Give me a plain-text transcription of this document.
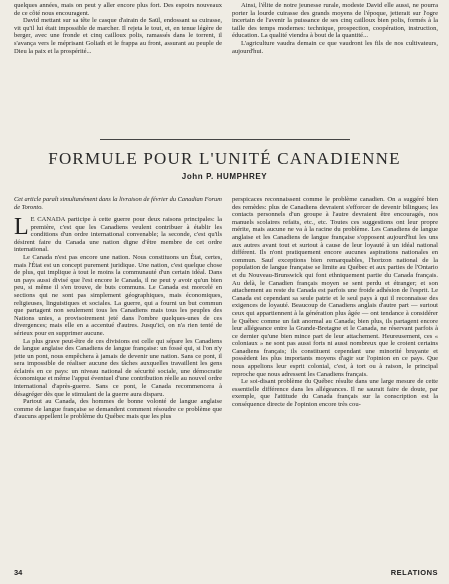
quelques années, mais on peut y aller encore plus fort. Des espoirs nouveaux de ce côté nous encouragent.

David mettant sur sa tête le casque d'airain de Saül, endossant sa cuirasse, vit qu'il lui était impossible de marcher. Il rejeta le tout, et, en tenue légère de berger, avec une fronde et cinq cailloux polis, ramassés dans le torrent, il s'avança vers le méprisant Goliath et le frappa au front, assurant au peuple de Dieu la paix et la prospérité...

Ainsi, l'élite de notre jeunesse rurale, modeste David elle aussi, ne pourra porter la lourde cuirasse des grands moyens de l'époque, jetterait sur l'ogre incertain de l'avenir la puissance de ses cinq cailloux bien polis, formés à la taille des temps modernes: technique, prospection, coopération, instruction, éducation. La qualité viendra à bout de la quantité...

L'agriculture vaudra demain ce que vaudront les fils de nos cultivateurs, aujourd'hui.

FORMULE POUR L'UNITÉ CANADIENNE
John P. HUMPHREY
Cet article paraît simultanément dans la livraison de février du Canadian Forum de Toronto.

L E CANADA participe à cette guerre pour deux raisons principales: la première, c'est que les Canadiens veulent contribuer à établir les conditions d'un ordre international convenable; la seconde, c'est qu'ils désirent faire du Canada une nation digne d'être membre de cet ordre international.

Le Canada n'est pas encore une nation. Nous constituons un État, certes, mais l'État est un concept purement juridique. Une nation, c'est quelque chose de plus, qui implique à tout le moins la communauté d'un certain idéal. Dans un pays aussi divisé que l'est encore le Canada, il ne peut y avoir qu'un bien peu, si même il s'en trouve, de buts communs. Le Canada est morcelé en sections qui ne sont pas simplement géographiques, mais économiques, religieuses, linguistiques et sociales. La guerre, qui a fourni un but commun que partagent non seulement tous les Canadiens mais tous les peuples des Nations unies, a provisoirement jeté dans l'ombre quelques-unes de ces divergences; mais elle en a accentué d'autres. Jusqu'ici, on n'a rien tenté de sérieux pour en supprimer aucune.

La plus grave peut-être de ces divisions est celle qui sépare les Canadiens de langue anglaise des Canadiens de langue française: un fossé qui, si l'on n'y jette un pont, nous empêchera à jamais de devenir une nation. Sans ce pont, il sera impossible de réaliser aucune des tâches auxquelles travaillent les gens éclairés en ce pays: un niveau national de sécurité sociale, une démocratie économique et même l'appui éventuel d'une contribution réelle au nouvel ordre international d'après-guerre. Sans ce pont, le Canada recommencera à désagréger dès que le stimulant de la guerre aura disparu.

Partout au Canada, des hommes de bonne volonté de langue anglaise comme de langue française se demandent comment résoudre ce problème que d'aucuns appellent le problème du Québec mais que les plus

perspicaces reconnaissent comme le problème canadien. On a suggéré bien des remèdes: plus de Canadiens devraient s'efforcer de devenir bilingues; les contacts personnels d'un groupe à l'autre devraient être encouragés, nos manuels scolaires refaits, etc., etc. Toutes ces suggestions ont leur propre mérite, mais aucune ne va à la racine du problème. Les Canadiens de langue anglaise et les Canadiens de langue française s'opposent aujourd'hui les uns aux autres avant tout et surtout à cause de leur loyauté à un idéal national différent. Ils n'ont pratiquement encore aucunes aspirations nationales en commun. Sauf exceptions bien remarquables, l'horizon national de la population de langue française se limite au Québec et aux parties de l'Ontario et du Nouveau-Brunswick qui font ethniquement partie du Canada français. Au delà, le Canadien français moyen se sent perdu et étranger; et son attachement au reste du Canada est parfois une froide adhésion de l'esprit. Le Canada est cependant sa seule patrie et le seul pays à qui il reconnaisse des exigences de loyauté. Beaucoup de Canadiens anglais d'autre part — surtout ceux qui appartiennent à la génération plus âgée — ont tendance à considérer le Québec comme un fait anormal au Canada; bien plus, ils partagent encore leur allégeance entre la Grande-Bretagne et le Canada, ne réservant parfois à ce dernier qu'une bien mince part de leur attachement. Heureusement, ces « coloniaux » ne sont pas aussi forts ni aussi nombreux que le croient certains Canadiens français; ils constituent cependant une minorité bruyante et possèdent les plus importants moyens d'agir sur l'opinion en ce pays. Que nous appelions leur esprit colonial, c'est, à tort ou à raison, le principal reproche que nous adressent les Canadiens français.

Le soi-disant problème du Québec résulte dans une large mesure de cette essentielle différence dans les allégeances. Il ne saurait faire de doute, par exemple, que l'attitude du Canada français sur la conscription est la conséquence directe de l'opinion encore très cou-

34	RELATIONS
